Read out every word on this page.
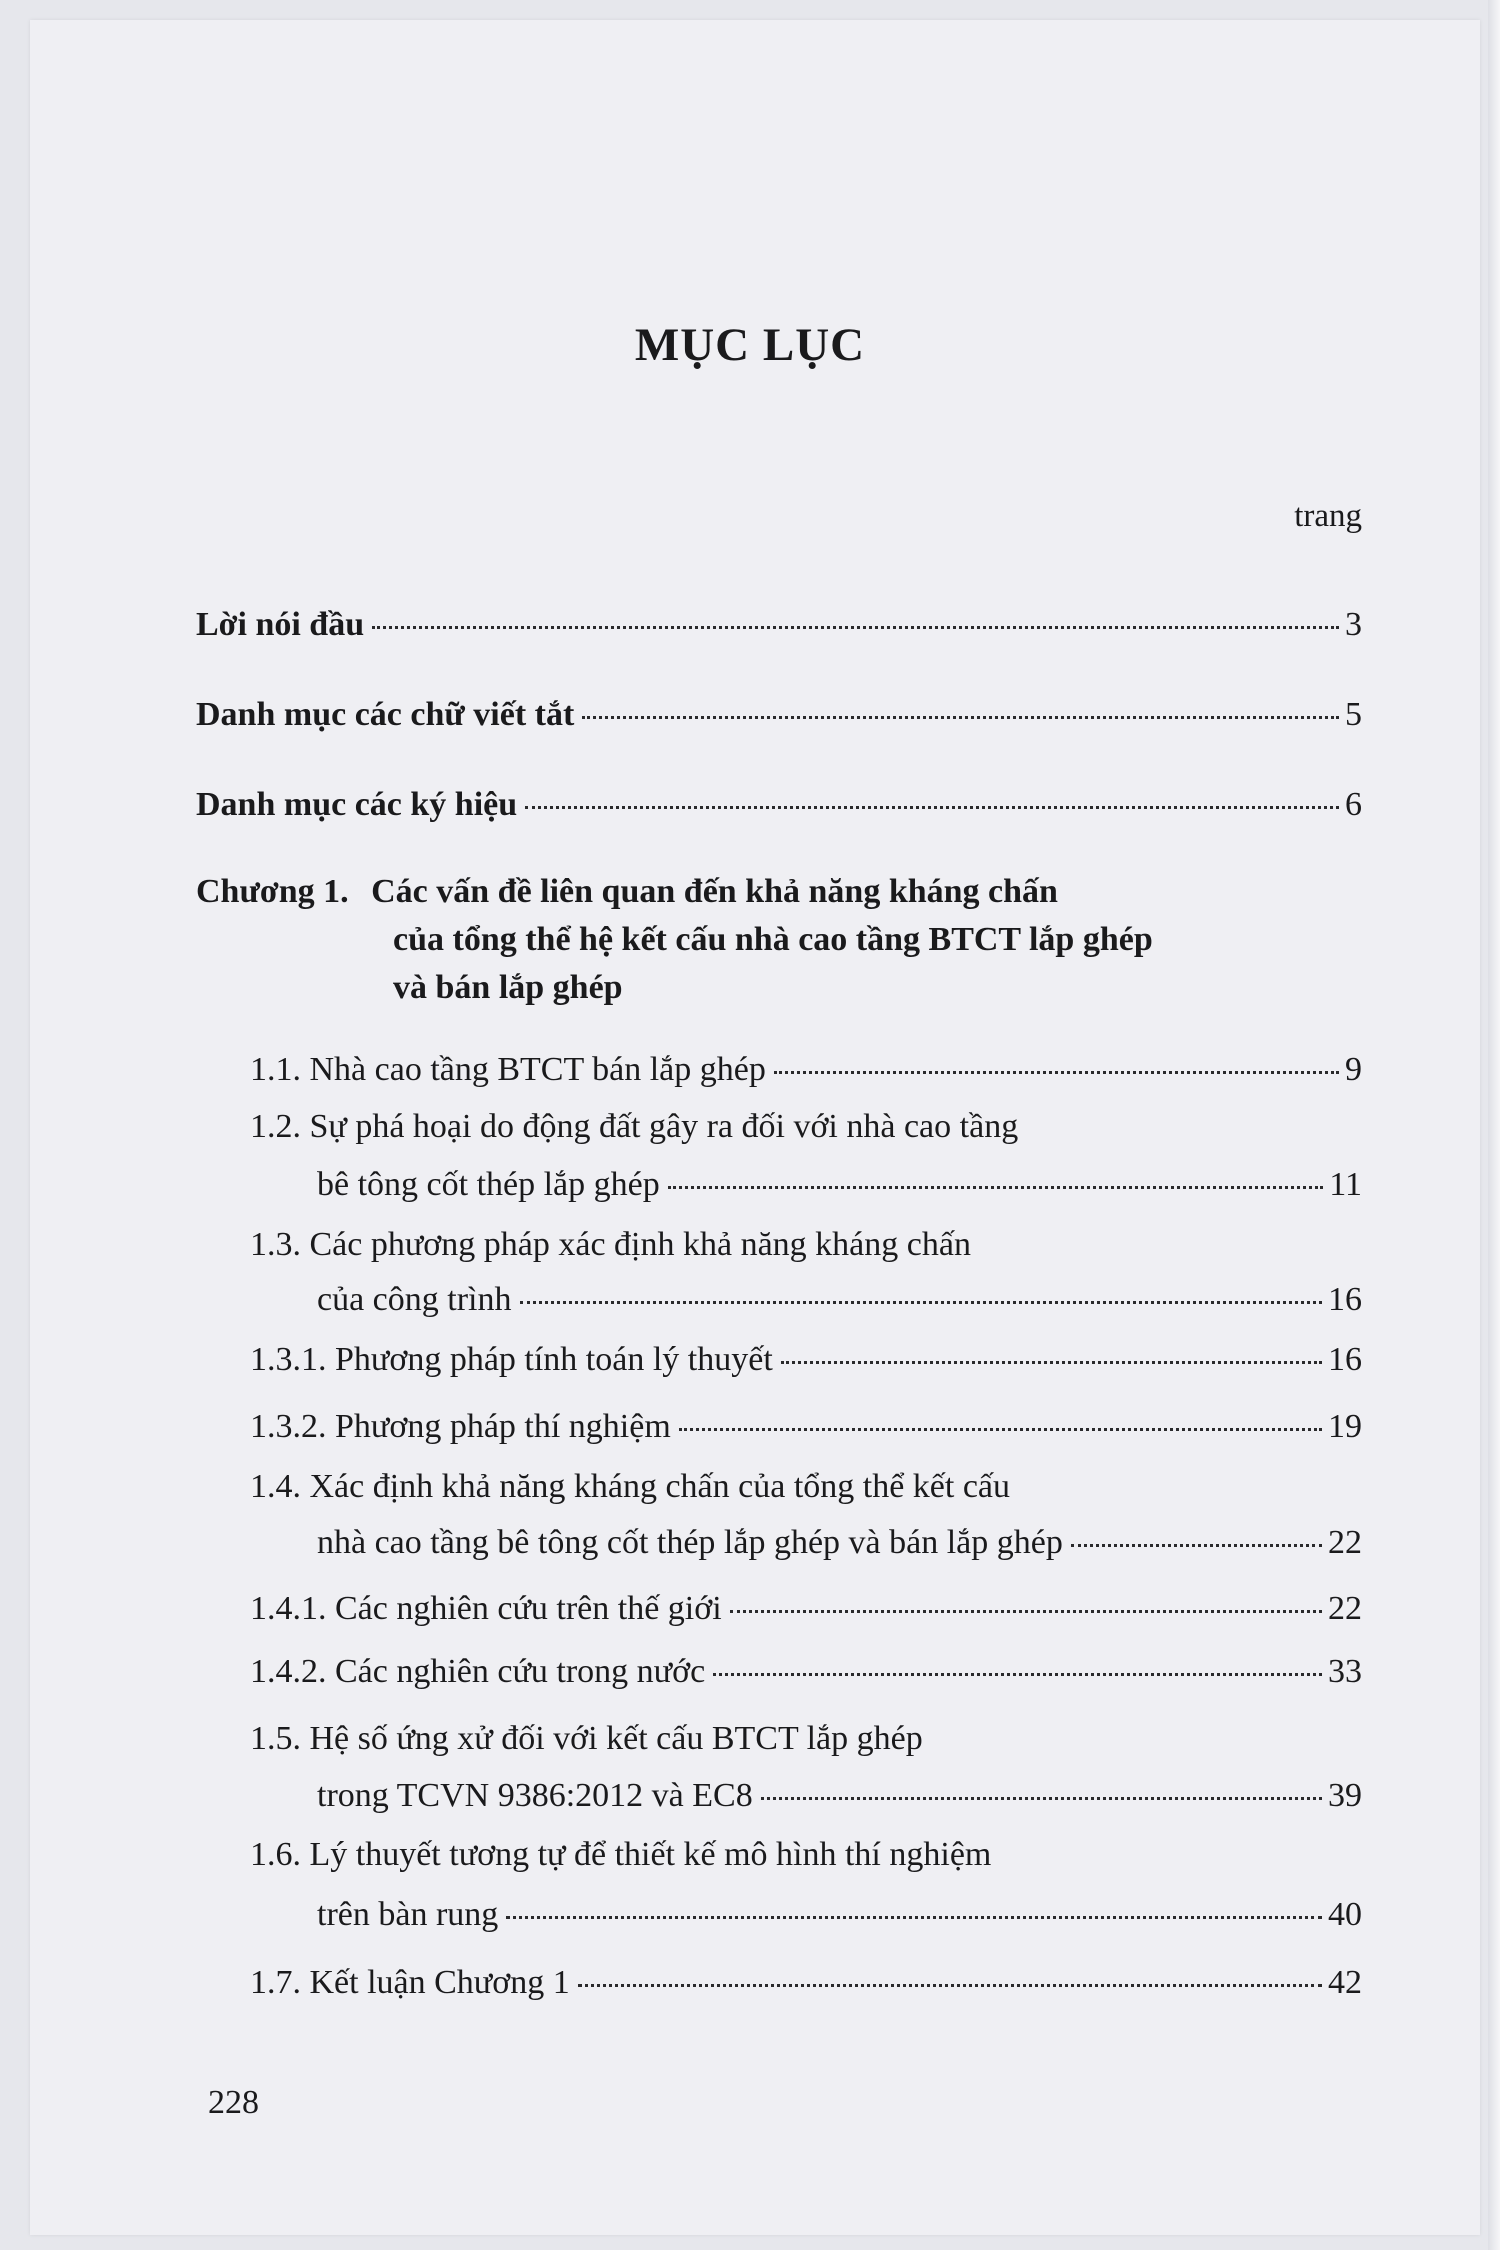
MỤC LỤC
trang
Lời nói đầu	3
Danh mục các chữ viết tắt	5
Danh mục các ký hiệu	6
Chương 1. Các vấn đề liên quan đến khả năng kháng chấn
của tổng thể hệ kết cấu nhà cao tầng BTCT lắp ghép
và bán lắp ghép
1.1. Nhà cao tầng BTCT bán lắp ghép	9
1.2. Sự phá hoại do động đất gây ra đối với nhà cao tầng
bê tông cốt thép lắp ghép	11
1.3. Các phương pháp xác định khả năng kháng chấn
của công trình	16
1.3.1. Phương pháp tính toán lý thuyết	16
1.3.2. Phương pháp thí nghiệm	19
1.4. Xác định khả năng kháng chấn của tổng thể kết cấu
nhà cao tầng bê tông cốt thép lắp ghép và bán lắp ghép	22
1.4.1. Các nghiên cứu trên thế giới	22
1.4.2. Các nghiên cứu trong nước	33
1.5. Hệ số ứng xử đối với kết cấu BTCT lắp ghép
trong TCVN 9386:2012 và EC8	39
1.6. Lý thuyết tương tự để thiết kế mô hình thí nghiệm
trên bàn rung	40
1.7. Kết luận Chương 1	42
228
